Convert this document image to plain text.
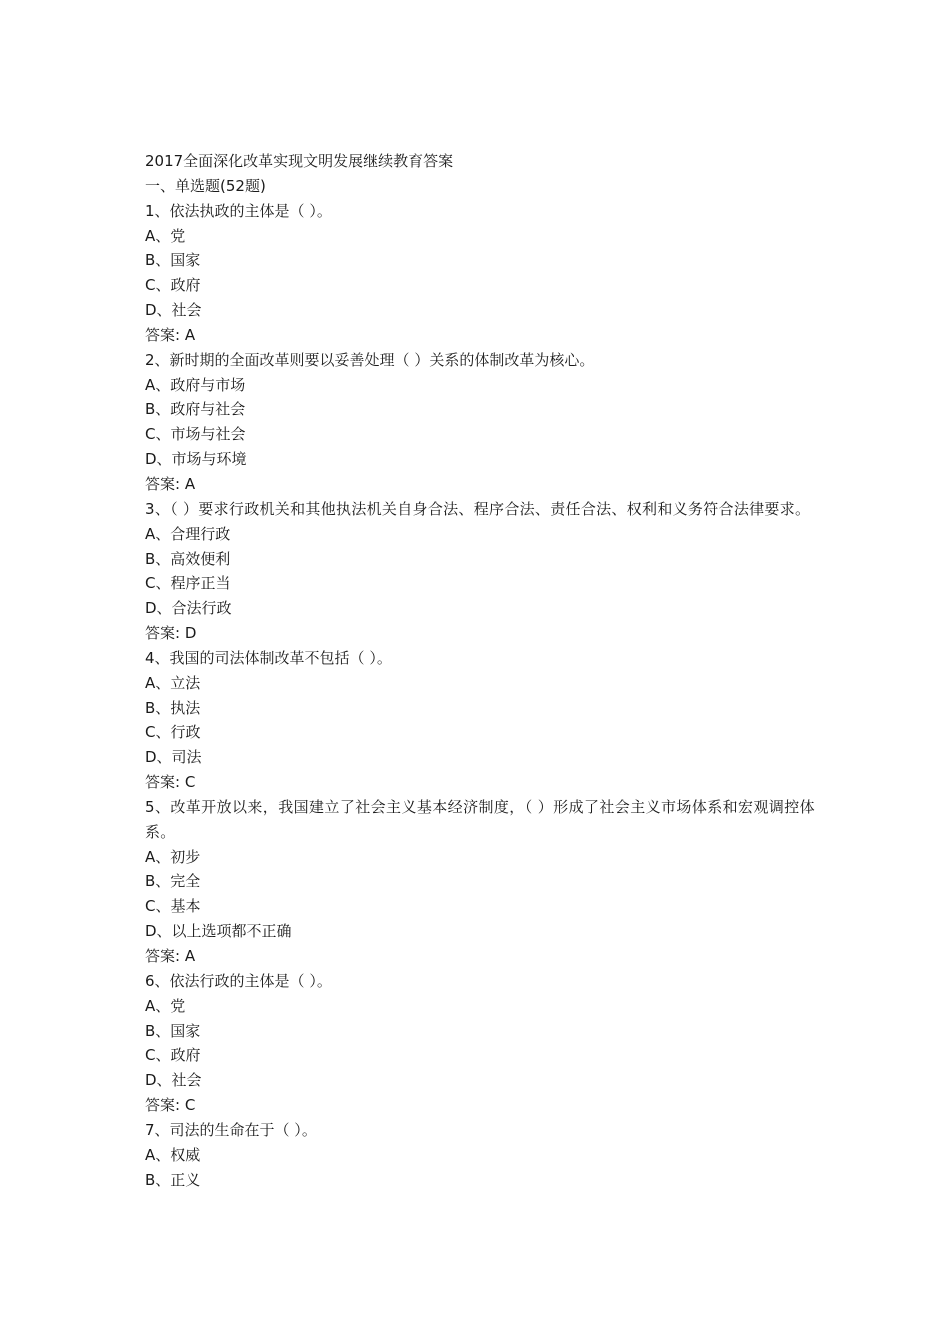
2017全面深化改革实现文明发展继续教育答案

一、单选题(52题)

1、依法执政的主体是（ ）。

A、党

B、国家

C、政府

D、社会

答案: A

2、新时期的全面改革则要以妥善处理（ ）关系的体制改革为核心。

A、政府与市场

B、政府与社会

C、市场与社会

D、市场与环境

答案: A

3、（ ）要求行政机关和其他执法机关自身合法、程序合法、责任合法、权利和义务符合法律要求。

A、合理行政

B、高效便利

C、程序正当

D、合法行政

答案: D

4、我国的司法体制改革不包括（ ）。

A、立法

B、执法

C、行政

D、司法

答案: C

5、改革开放以来，我国建立了社会主义基本经济制度，（ ）形成了社会主义市场体系和宏观调控体系。

A、初步

B、完全

C、基本

D、以上选项都不正确

答案: A

6、依法行政的主体是（ ）。

A、党

B、国家

C、政府

D、社会

答案: C

7、司法的生命在于（ ）。

A、权威

B、正义
